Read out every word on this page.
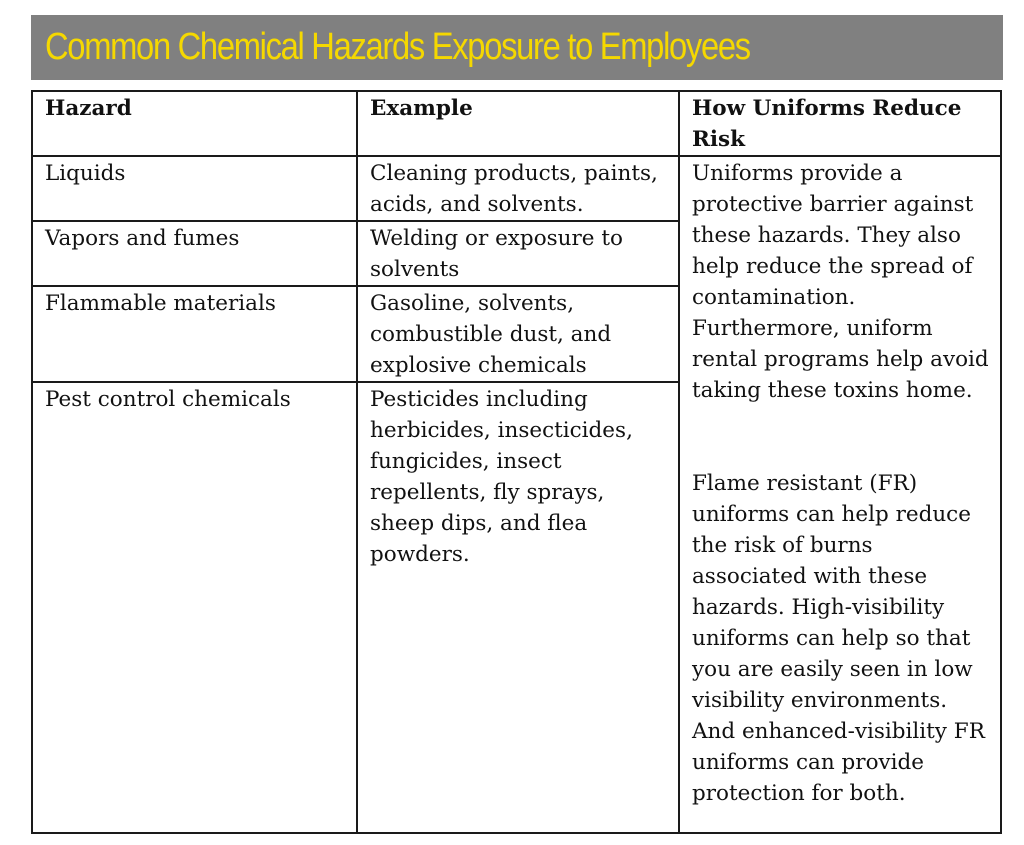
Common Chemical Hazards Exposure to Employees
Hazard	Example	How Uniforms Reduce Risk
Liquids	Cleaning products, paints, acids, and solvents.	Uniforms provide a protective barrier against these hazards. They also help reduce the spread of contamination. Furthermore, uniform rental programs help avoid taking these toxins home.
Flame resistant (FR) uniforms can help reduce the risk of burns associated with these hazards. High-visibility uniforms can help so that you are easily seen in low visibility environments. And enhanced-visibility FR uniforms can provide protection for both.

Vapors and fumes	Welding or exposure to solvents	
Flammable materials	Gasoline, solvents, combustible dust, and explosive chemicals	
Pest control chemicals	Pesticides including herbicides, insecticides, fungicides, insect repellents, fly sprays, sheep dips, and flea powders.	
